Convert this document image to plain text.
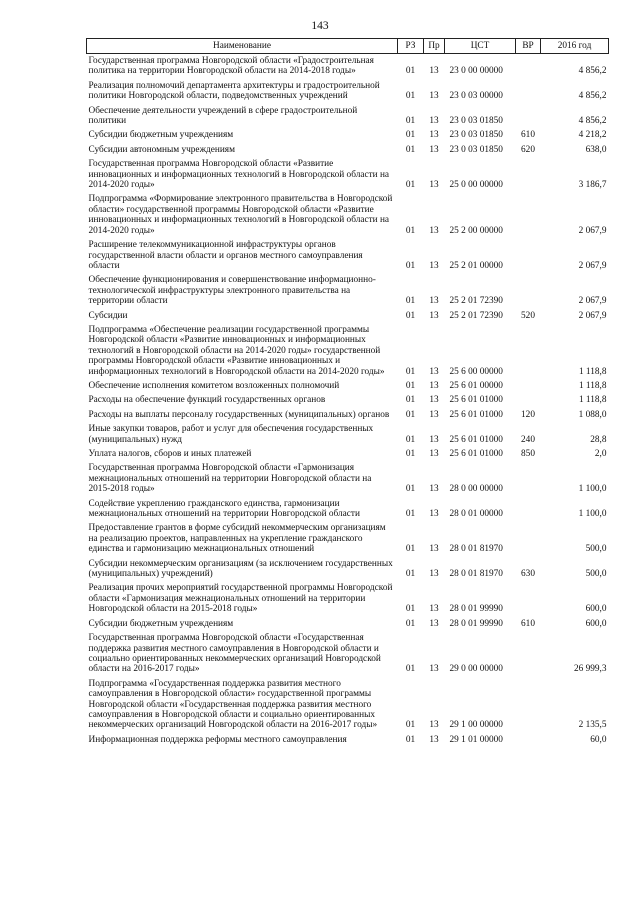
143
Наименование	РЗ	Пр	ЦСТ	ВР	2016 год
Государственная программа Новгородской области «Градостроительная политика на территории Новгородской области на 2014-2018 годы»	01	13	23 0 00 00000		4 856,2
Реализация полномочий департамента архитектуры и градостроительной политики Новгородской области, подведомственных учреждений	01	13	23 0 03 00000		4 856,2
Обеспечение деятельности учреждений в сфере градостроительной политики	01	13	23 0 03 01850		4 856,2
Субсидии бюджетным учреждениям	01	13	23 0 03 01850	610	4 218,2
Субсидии автономным учреждениям	01	13	23 0 03 01850	620	638,0
Государственная программа Новгородской области «Развитие инновационных и информационных технологий в Новгородской области на 2014-2020 годы»	01	13	25 0 00 00000		3 186,7
Подпрограмма «Формирование электронного правительства в Новгородской области» государственной программы Новгородской области «Развитие инновационных и информационных технологий в Новгородской области на 2014-2020 годы»	01	13	25 2 00 00000		2 067,9
Расширение телекоммуникационной инфраструктуры органов государственной власти области и органов местного самоуправления области	01	13	25 2 01 00000		2 067,9
Обеспечение функционирования и совершенствование информационно-технологической инфраструктуры электронного правительства на территории области	01	13	25 2 01 72390		2 067,9
Субсидии	01	13	25 2 01 72390	520	2 067,9
Подпрограмма «Обеспечение реализации государственной программы Новгородской области «Развитие инновационных и информационных технологий в Новгородской области на 2014-2020 годы» государственной программы Новгородской области «Развитие инновационных и информационных технологий в Новгородской области на 2014-2020 годы»	01	13	25 6 00 00000		1 118,8
Обеспечение исполнения комитетом возложенных полномочий	01	13	25 6 01 00000		1 118,8
Расходы на обеспечение функций государственных органов	01	13	25 6 01 01000		1 118,8
Расходы на выплаты персоналу государственных (муниципальных) органов	01	13	25 6 01 01000	120	1 088,0
Иные закупки товаров, работ и услуг для обеспечения государственных (муниципальных) нужд	01	13	25 6 01 01000	240	28,8
Уплата налогов, сборов и иных платежей	01	13	25 6 01 01000	850	2,0
Государственная программа Новгородской области «Гармонизация межнациональных отношений на территории Новгородской области на 2015-2018 годы»	01	13	28 0 00 00000		1 100,0
Содействие укреплению гражданского единства, гармонизации межнациональных отношений на территории Новгородской области	01	13	28 0 01 00000		1 100,0
Предоставление грантов в форме субсидий некоммерческим организациям на реализацию проектов, направленных на укрепление гражданского единства и гармонизацию межнациональных отношений	01	13	28 0 01 81970		500,0
Субсидии некоммерческим организациям (за исключением государственных (муниципальных) учреждений)	01	13	28 0 01 81970	630	500,0
Реализация прочих мероприятий государственной программы Новгородской области «Гармонизация межнациональных отношений на территории Новгородской области на 2015-2018 годы»	01	13	28 0 01 99990		600,0
Субсидии бюджетным учреждениям	01	13	28 0 01 99990	610	600,0
Государственная программа Новгородской области «Государственная поддержка развития местного самоуправления в Новгородской области и социально ориентированных некоммерческих организаций Новгородской области на 2016-2017 годы»	01	13	29 0 00 00000		26 999,3
Подпрограмма «Государственная поддержка развития местного самоуправления в Новгородской области» государственной программы Новгородской области «Государственная поддержка развития местного самоуправления в Новгородской области и социально ориентированных некоммерческих организаций Новгородской области на 2016-2017 годы»	01	13	29 1 00 00000		2 135,5
Информационная поддержка реформы местного самоуправления	01	13	29 1 01 00000		60,0
